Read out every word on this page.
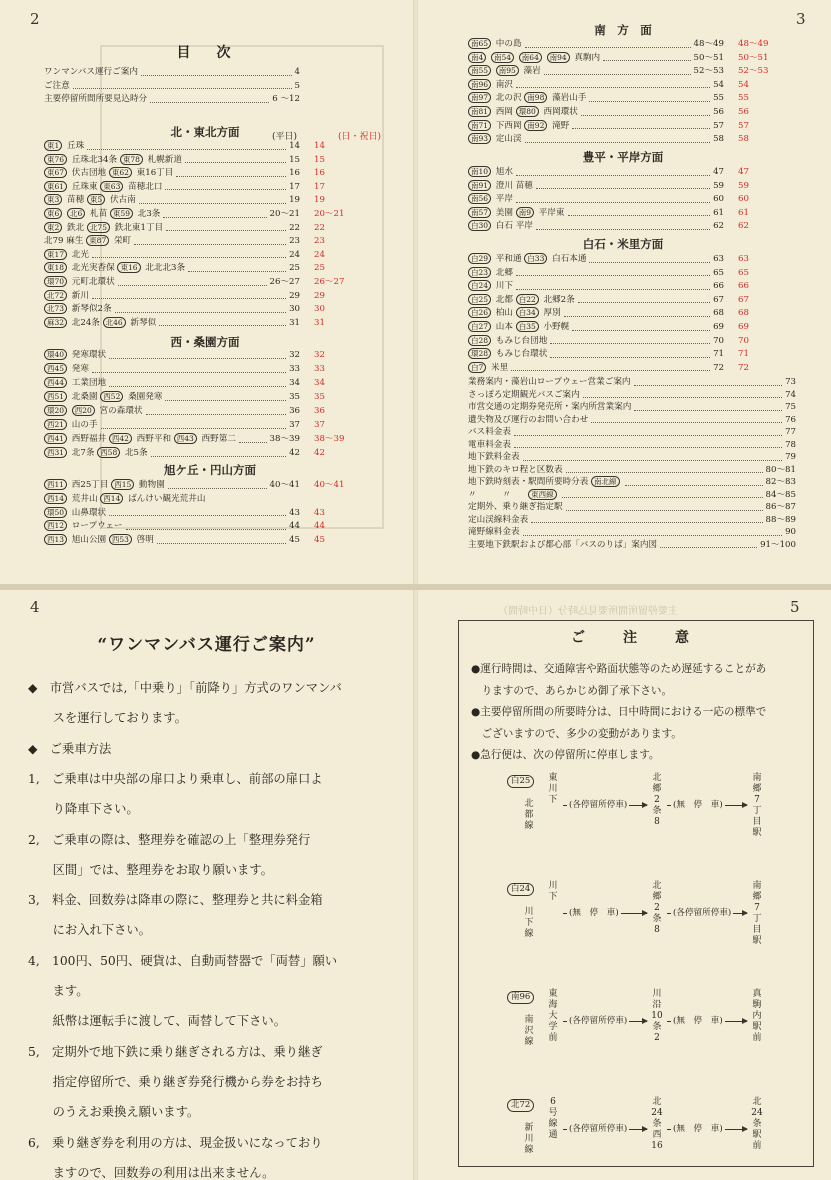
2
目　次
ワンマンバス運行ご案内	4
ご注意	5
主要停留所間所要見込時分	6 ～12
北・東北方面	(平日)	(日・祝日)
東1 丘珠	14 14
東76 丘珠北34条 東78 札幌新道	15 15
東67 伏古団地 東62 東16丁目	16 16
東61 丘珠東 東63 苗穂北口	17 17
東3 苗穂 東5 伏古南	19 19
東6 北6 札苗 東59 北3条	20～21 20～21
東2 鉄北 北75 鉄北東1丁目	22 22
北79 麻生 東87 栄町	23 23
東17 北光	24 24
東18 北光実香保 東16 北北北3条	25 25
環70 元町北環状	26～27 26～27
北72 新川	29 29
北73 新琴似2条	30 30
麻32 北24条 北46 新琴似	31 31
西・桑園方面
環40 発寒環状	32 32
西45 発寒	33 33
西44 工業団地	34 34
西51 北桑園 西52 桑園発寒	35 35
環20 西20 宮の森環状	36 36
西21 山の手	37 37
西41 西野福井 西42 西野平和 西43 西野第二	38～39 38～39
西31 北7条 西58 北5条	42 42
旭ケ丘・円山方面
西11 西25丁目 西15 動物園	40～41 40～41
西14 荒井山 西14 ばんけい観光荒井山
環50 山鼻環状	43 43
西12 ロープウェー	44 44
西13 旭山公園 西53 啓明	45 45
3
南　方　面
南65 中の島	48～49 48～49
南4 南54 南64 南94 真駒内	50～51 50～51
南55 南95 藻岩	52～53 52～53
南96 南沢	54 54
南97 北の沢 南98 藻岩山手	55 55
南81 西岡 環80 西岡環状	56 56
南71 下西岡 南92 滝野	57 57
南93 定山渓	58 58
豊平・平岸方面
南10 旭水	47 47
南91 澄川 苗穂	59 59
南56 平岸	60 60
南57 美園 南9 平岸東	61 61
白30 白石 平岸	62 62
白石・米里方面
白29 平和通 白33 白石本通	63 63
白23 北郷	65 65
白24 川下	66 66
白25 北都 白22 北郷2条	67 67
白26 柏山 白34 厚別	68 68
白27 山本 白35 小野幌	69 69
白28 もみじ台団地	70 70
環28 もみじ台環状	71 71
白7 米里	72 72
業務案内・藻岩山ロープウェー営業ご案内	73
さっぽろ定期観光バスご案内	74
市営交通の定期券発売所・案内所営業案内	75
遺失物及び運行のお問い合わせ	76
バス料金表	77
電車料金表	78
地下鉄料金表	79
地下鉄のキロ程と区数表	80～81
地下鉄時刻表・駅間所要時分表 南北線	82～83
〃　　　〃　　東西線	84～85
定期外、乗り継ぎ指定駅	86～87
定山渓線料金表	88～89
滝野線料金表	90
主要地下鉄駅および都心部「バスのりば」案内図	91～100
4
“ワンマンバス運行ご案内”
◆　市営バスでは,「中乗り」「前降り」方式のワンマンバ
　　スを運行しております。
◆　ご乗車方法
1,　ご乗車は中央部の扉口より乗車し、前部の扉口よ
　　り降車下さい。
2,　ご乗車の際は、整理券を確認の上「整理券発行
　　区間」では、整理券をお取り願います。
3,　料金、回数券は降車の際に、整理券と共に料金箱
　　にお入れ下さい。
4,　100円、50円、硬貨は、自動両替器で「両替」願い
　　ます。
　　紙幣は運転手に渡して、両替して下さい。
5,　定期外で地下鉄に乗り継ぎされる方は、乗り継ぎ
　　指定停留所で、乗り継ぎ券発行機から券をお持ち
　　のうえお乗換え願います。
6,　乗り継ぎ券を利用の方は、現金扱いになっており
　　ますので、回数券の利用は出来ません。
5
主要停留所間所要見込時分（日中時間）
ご　注　意
●運行時間は、交通障害や路面状態等のため遅延することがあ
　りますので、あらかじめ御了承下さい。
●主要停留所間の所要時分は、日中時間における一応の標準で
　ございますので、多少の変動があります。
●急行便は、次の停留所に停車します。
白25
北都線
東川下
北郷2条8
南郷7丁目駅
(各停留所停車)	(無　停　車)
白24
川下線
川下
北郷2条8
南郷7丁目駅
(無　停　車)	(各停留所停車)
南96
南沢線
東海大学前
川沿10条2
真駒内駅前
(各停留所停車)	(無　停　車)
北72
新川線
6号線通
北24条西16
北24条駅前
(各停留所停車)	(無　停　車)
